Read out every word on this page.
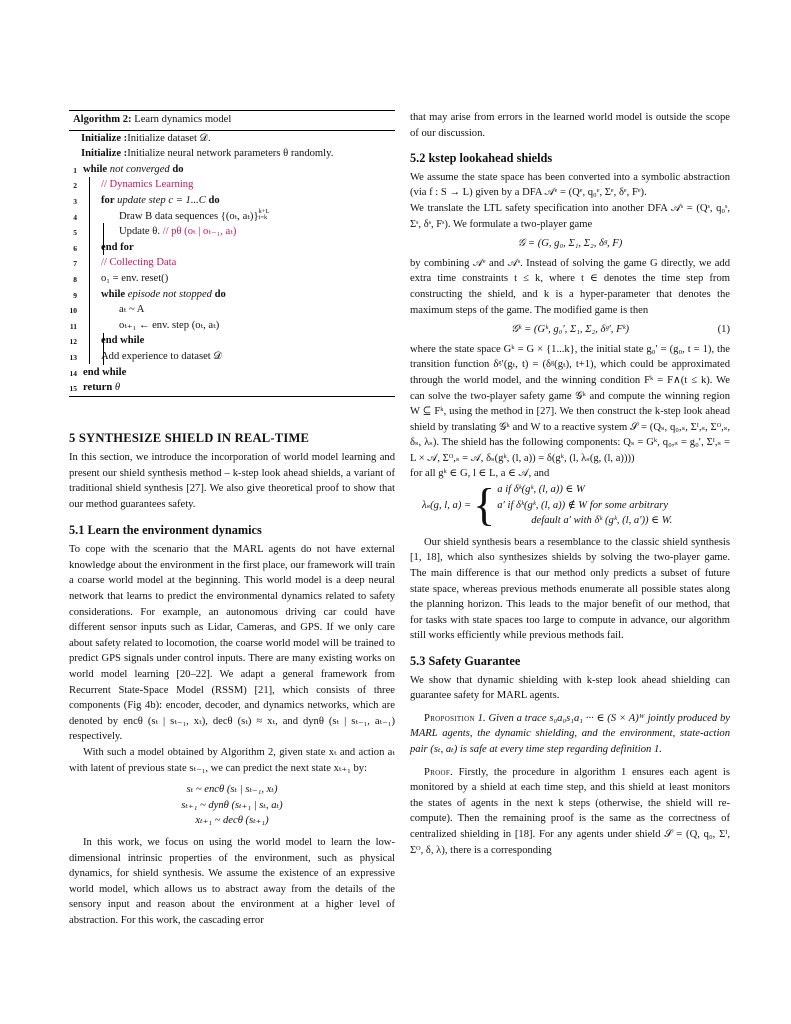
Algorithm 2: Learn dynamics model
Initialize :Initialize dataset 𝒟.
Initialize :Initialize neural network parameters θ randomly.
1 while not converged do
2 // Dynamics Learning
3 for update step c = 1...C do
4	Draw B data sequences {(oₜ, aₜ)}$^{k+L t=k}$
5	Update θ. // pθ (oₜ | oₜ₋₁, aₜ)
6 end for
7 // Collecting Data
8 o₁ = env. reset()
9 while episode not stopped do
10	aₜ ~ A
11	oₜ₊₁ ← env. step (oₜ, aₜ)
12 end while
13 Add experience to dataset 𝒟
14 end while
15 return θ
5 SYNTHESIZE SHIELD IN REAL-TIME

In this section, we introduce the incorporation of world model learning and present our shield synthesis method – k-step look ahead shields, a variant of traditional shield synthesis [27]. We also give theoretical proof to show that our method guarantees safety.

5.1 Learn the environment dynamics

To cope with the scenario that the MARL agents do not have external knowledge about the environment in the first place, our framework will train a coarse world model at the beginning. This world model is a deep neural network that learns to predict the environmental dynamics related to safety considerations. For example, an autonomous driving car could have different sensor inputs such as Lidar, Cameras, and GPS. If we only care about safety related to locomotion, the coarse world model will be trained to predict GPS signals under control inputs. There are many existing works on world model learning [20–22]. We adapt a general framework from Recurrent State-Space Model (RSSM) [21], which consists of three components (Fig 4b): encoder, decoder, and dynamics networks, which are denoted by encθ (sₜ | sₜ₋₁, xₜ), decθ (sₜ) ≈ xₜ, and dynθ (sₜ | sₜ₋₁, aₜ₋₁) respectively.

With such a model obtained by Algorithm 2, given state xₜ and action aₜ with latent of previous state sₜ₋₁, we can predict the next state xₜ₊₁ by:

sₜ ~ encθ (sₜ | sₜ₋₁, xₜ)

sₜ₊₁ ~ dynθ (sₜ₊₁ | sₜ, aₜ)

xₜ₊₁ ~ decθ (sₜ₊₁)

In this work, we focus on using the world model to learn the low-dimensional intrinsic properties of the environment, such as physical dynamics, for shield synthesis. We assume the existence of an expressive world model, which allows us to abstract away from the details of the sensory input and reason about the environment at a higher level of abstraction. For this work, the cascading error

that may arise from errors in the learned world model is outside the scope of our discussion.

5.2 kstep lookahead shields

We assume the state space has been converted into a symbolic abstraction (via f : S → L) given by a DFA 𝒜ᵉ = (Qᵉ, q₀ᵉ, Σᵉ, δᵉ, Fᵉ).

We translate the LTL safety specification into another DFA 𝒜ˢ = (Qˢ, q₀ˢ, Σˢ, δˢ, Fˢ). We formulate a two-player game

𝒢 = (G, g₀, Σ₁, Σ₂, δᵍ, F)

by combining 𝒜ᵉ and 𝒜ˢ. Instead of solving the game G directly, we add extra time constraints t ≤ k, where t ∈ denotes the time step from constructing the shield, and k is a hyper-parameter that denotes the maximum steps of the game. The modified game is then

𝒢ᵏ = (Gᵏ, g₀′, Σ₁, Σ₂, δᵍ′, Fᵏ)	(1)

where the state space Gᵏ = G × {1...k}, the initial state g₀′ = (g₀, t = 1), the transition function δᵍ′(gₜ, t) = (δᵍ(gₜ), t+1), which could be approximated through the world model, and the winning condition Fᵏ = F∧(t ≤ k). We can solve the two-player safety game 𝒢ᵏ and compute the winning region W ⊆ Fᵏ, using the method in [27]. We then construct the k-step look ahead shield by translating 𝒢ᵏ and W to a reactive system 𝒮 = (Qₛ, q₀,ₛ, Σᴵ,ₛ, Σᴼ,ₛ, δₛ, λₛ). The shield has the following components: Qₛ = Gᵏ, q₀,ₛ = g₀′, Σᴵ,ₛ = L × 𝒜, Σᴼ,ₛ = 𝒜, δₛ(gᵏ, (l, a)) = δ(gᵏ, (l, λₛ(g, (l, a))))

for all gᵏ ∈ G, l ∈ L, a ∈ 𝒜, and

λₛ(g, l, a) = { a if δᵏ(gᵏ, (l, a)) ∈ W
a′ if δᵏ(gᵏ, (l, a)) ∉ W for some arbitrary
default a′ with δᵏ (gᵏ, (l, a′)) ∈ W.

Our shield synthesis bears a resemblance to the classic shield synthesis [1, 18], which also synthesizes shields by solving the two-player game. The main difference is that our method only predicts a subset of future state space, whereas previous methods enumerate all possible states along the planning horizon. This leads to the major benefit of our method, that for tasks with state spaces too large to compute in advance, our algorithm still works efficiently while previous methods fail.

5.3 Safety Guarantee

We show that dynamic shielding with k-step look ahead shielding can guarantee safety for MARL agents.

Proposition 1. Given a trace s₀a₀s₁a₁ ··· ∈ (S × A)ᵂ jointly produced by MARL agents, the dynamic shielding, and the environment, state-action pair (sₜ, aₜ) is safe at every time step regarding definition 1.

Proof. Firstly, the procedure in algorithm 1 ensures each agent is monitored by a shield at each time step, and this shield at least monitors the states of agents in the next k steps (otherwise, the shield will re-compute). Then the remaining proof is the same as the correctness of centralized shielding in [18]. For any agents under shield 𝒮 = (Q, q₀, Σᴵ, Σᴼ, δ, λ), there is a corresponding
